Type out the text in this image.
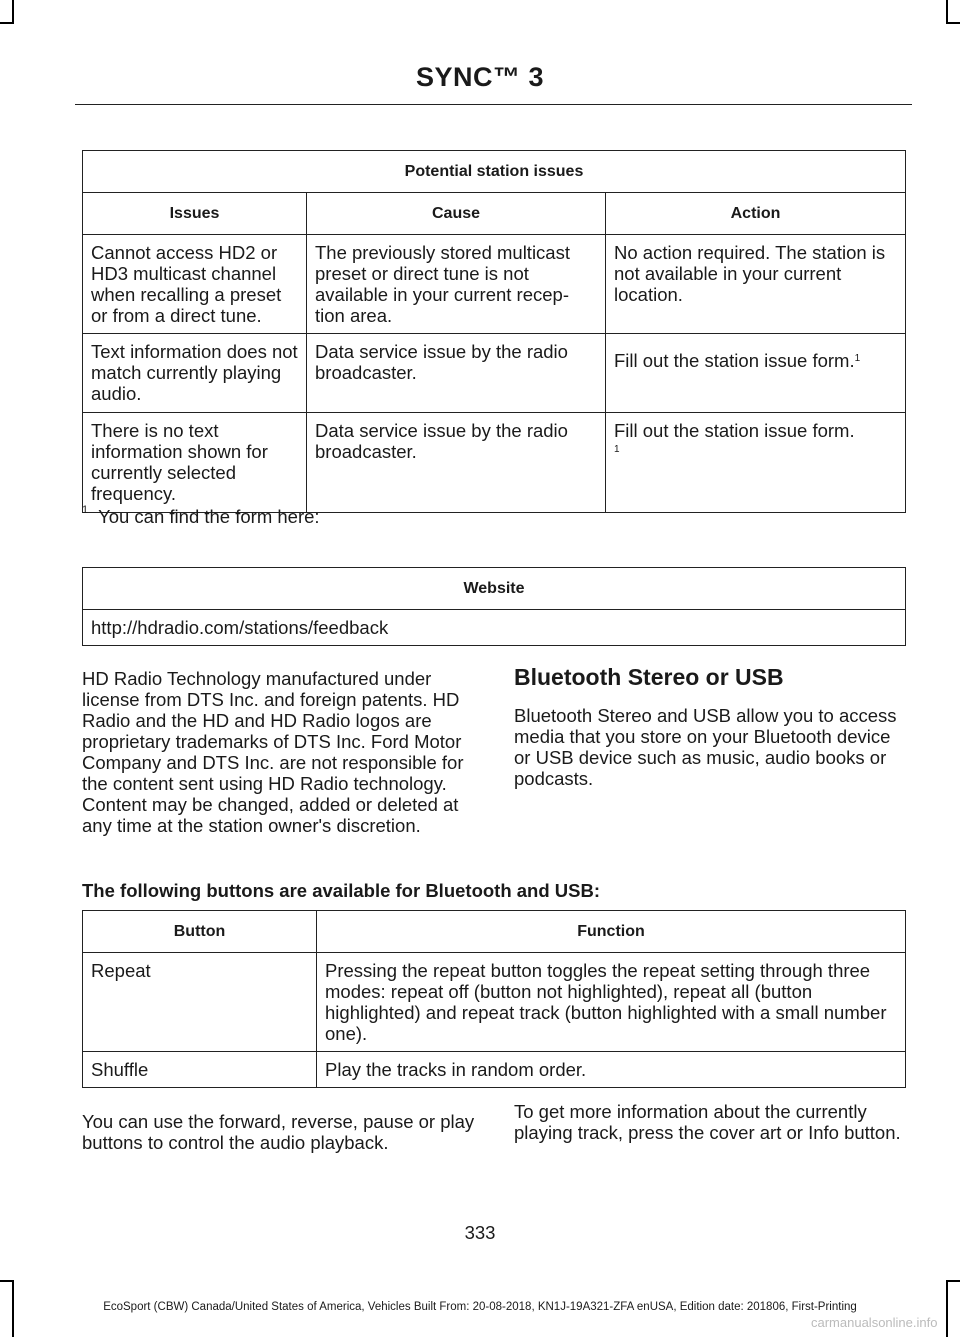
SYNC™ 3
Potential station issues		
Issues	Cause	Action
Cannot access HD2 or HD3 multicast channel when recalling a preset or from a direct tune.	The previously stored multicast preset or direct tune is not available in your current recep-tion area.	No action required. The station is not available in your current location.
Text information does not match currently playing audio.	Data service issue by the radio broadcaster.	Fill out the station issue form.$^1$
There is no text information shown for currently selected frequency.	Data service issue by the radio broadcaster.	Fill out the station issue form.
$^1$
$^1$ You can find the form here:
Website
http://hdradio.com/stations/feedback
HD Radio Technology manufactured under license from DTS Inc. and foreign patents. HD Radio and the HD and HD Radio logos are proprietary trademarks of DTS Inc. Ford Motor Company and DTS Inc. are not responsible for the content sent using HD Radio technology. Content may be changed, added or deleted at any time at the station owner's discretion.
Bluetooth Stereo or USB
Bluetooth Stereo and USB allow you to access media that you store on your Bluetooth device or USB device such as music, audio books or podcasts.
The following buttons are available for Bluetooth and USB:
Button	Function
Repeat	Pressing the repeat button toggles the repeat setting through three modes: repeat off (button not highlighted), repeat all (button highlighted) and repeat track (button highlighted with a small number one).
Shuffle	Play the tracks in random order.
You can use the forward, reverse, pause or play buttons to control the audio playback.
To get more information about the currently playing track, press the cover art or Info button.
333
EcoSport (CBW) Canada/United States of America, Vehicles Built From: 20-08-2018, KN1J-19A321-ZFA enUSA, Edition date: 201806, First-Printing
carmanualsonline.info
